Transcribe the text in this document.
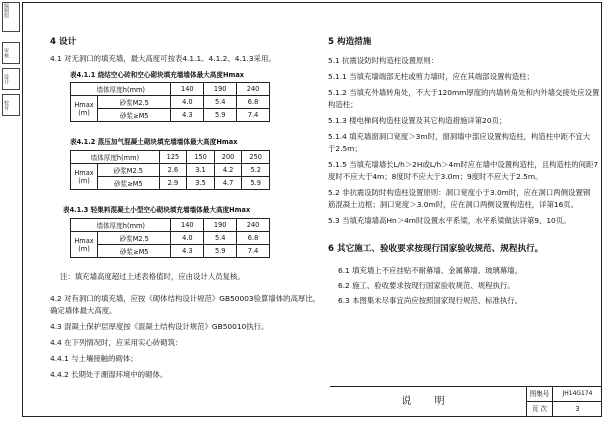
编制组
审核
设计
校对
4 设计
4.1 对无洞口的填充墙，最大高度可按表4.1.1、4.1.2、4.1.3采用。
表4.1.1 烧结空心砖和空心砌块填充墙墙体最大高度Hmax
墙体厚度h(mm)		140	190	240
Hmax (m)	砂浆M2.5	4.0	5.4	6.8
	砂浆≥M5	4.3	5.9	7.4
表4.1.2 蒸压加气混凝土砌块填充墙墙体最大高度Hmax
墙体厚度h(mm)		125	150	200	250
Hmax (m)	砂浆M2.5	2.6	3.1	4.2	5.2
	砂浆≥M5	2.9	3.5	4.7	5.9
表4.1.3 轻集料混凝土小型空心砌块填充墙墙体最大高度Hmax
墙体厚度h(mm)		140	190	240
Hmax (m)	砂浆M2.5	4.0	5.4	6.8
	砂浆≥M5	4.3	5.9	7.4
注：填充墙高度超过上述表格值时，应由设计人员复核。
4.2 对有洞口的填充墙，应按《砌体结构设计规范》GB50003验算墙体的高厚比，
确定墙体最大高度。
4.3 混凝土保护层厚度按《混凝土结构设计规范》GB50010执行。
4.4 在下列情况时，应采用实心砖砌筑：
4.4.1 与土壤接触的砌体；
4.4.2 长期处于潮湿环境中的砌体。
5 构造措施
5.1 抗震设防时构造柱设置原则：
5.1.1 当填充墙端部无柱或剪力墙时，应在其端部设置构造柱；
5.1.2 当填充外墙转角处，不大于120mm厚度的内墙转角处和内外墙交接处应设置
构造柱；
5.1.3 楼电梯间构造柱设置及其它构造措施详第20页；
5.1.4 填充墙窗洞口宽度＞3m时，窗洞墙中部应设置构造柱，构造柱中距不宜大
于2.5m；
5.1.5 当填充墙墙长L/h＞2H或L/h＞4m时应在墙中设置构造柱，且构造柱的间距7
度时不应大于4m；8度时不应大于3.0m；9度时不应大于2.5m。
5.2 非抗震设防时构造柱设置原则：洞口宽度小于3.0m时，应在洞口两侧设置钢
筋混凝土边框；洞口宽度＞3.0m时，应在洞口两侧设置构造柱，详第16页。
5.3 当填充墙墙高Hn＞4m时设置水平系梁，水平系梁做法详第9、10页。
6 其它施工、验收要求按现行国家验收规范、规程执行。
6.1 填充墙上不应挂贴不耐幕墙、金属幕墙、玻璃幕墙。
6.2 施工、验收要求按现行国家验收规范、规程执行。
6.3 本图集未尽事宜尚应按照国家现行规范、标准执行。
说 明
图集号	JH14G174
页 次	3
